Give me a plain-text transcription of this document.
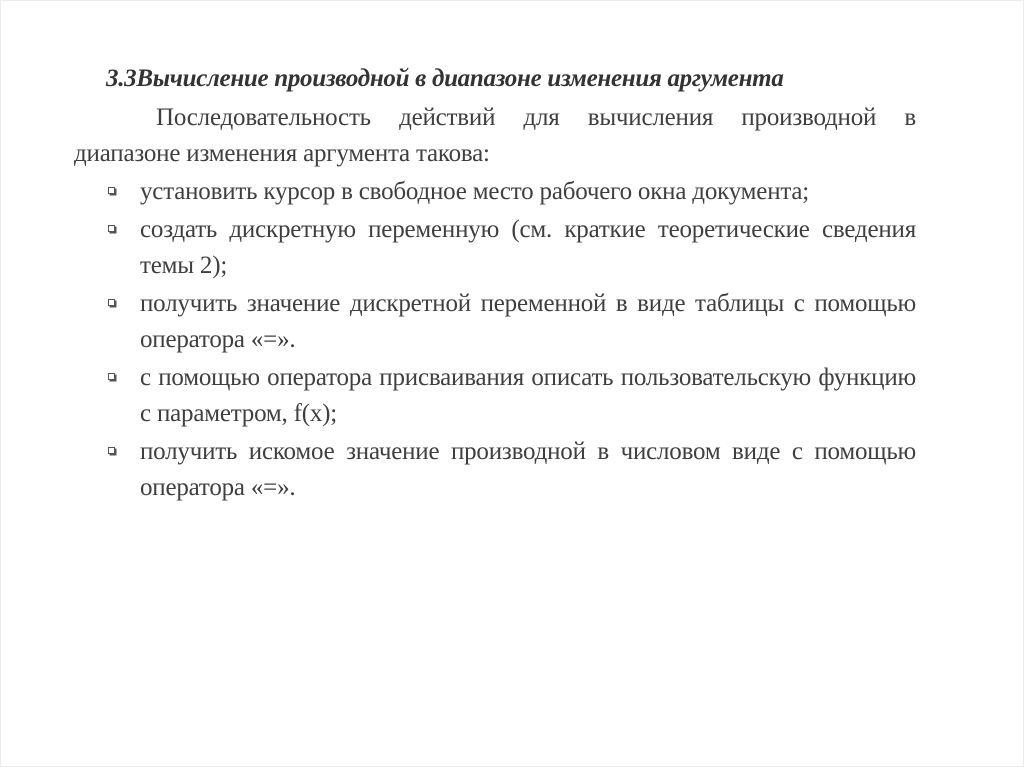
3.3Вычисление производной в диапазоне изменения аргумента

Последовательность действий для вычисления производной в диапазоне изменения аргумента такова:

установить курсор в свободное место рабочего окна документа;
создать дискретную переменную (см. краткие теоретические сведения темы 2);
получить значение дискретной переменной в виде таблицы с помощью оператора «=».
с помощью оператора присваивания описать пользовательскую функцию с параметром, f(x);
получить искомое значение производной в числовом виде с помощью оператора «=».
